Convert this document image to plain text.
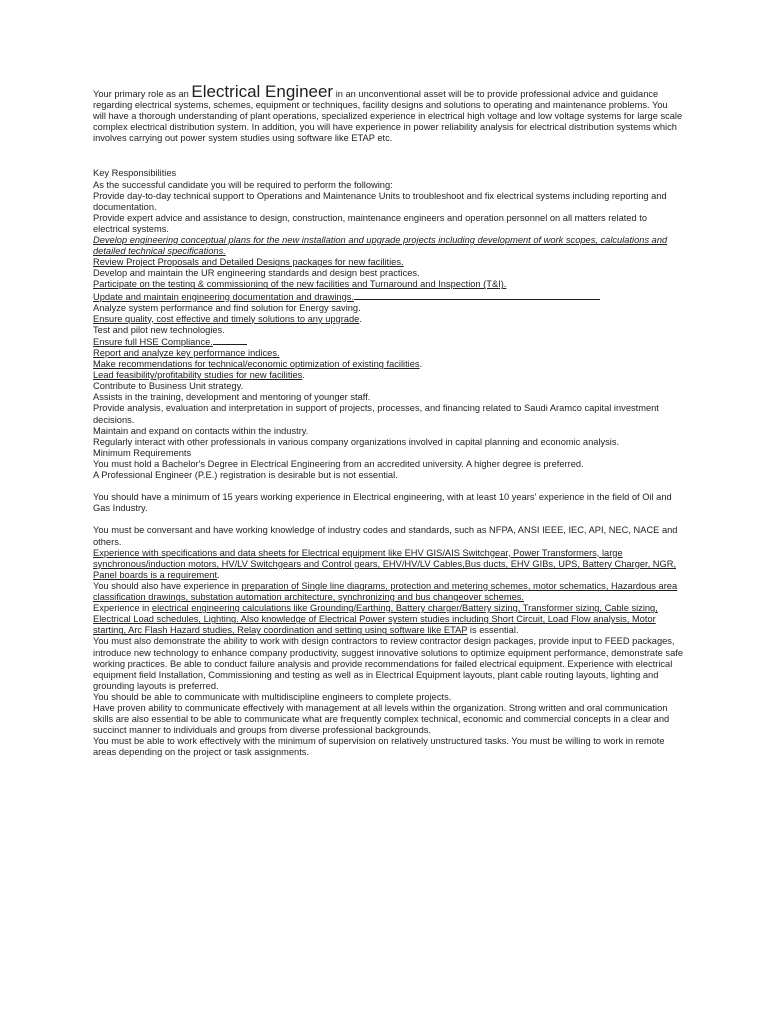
Your primary role as an Electrical Engineer in an unconventional asset will be to provide professional advice and guidance regarding electrical systems, schemes, equipment or techniques, facility designs and solutions to operating and maintenance problems. You will have a thorough understanding of plant operations, specialized experience in electrical high voltage and low voltage systems for large scale complex electrical distribution system. In addition, you will have experience in power reliability analysis for electrical distribution systems which involves carrying out power system studies using software like ETAP etc.

Key Responsibilities

As the successful candidate you will be required to perform the following:

Provide day-to-day technical support to Operations and Maintenance Units to troubleshoot and fix electrical systems including reporting and documentation.

Provide expert advice and assistance to design, construction, maintenance engineers and operation personnel on all matters related to electrical systems.

Develop engineering conceptual plans for the new installation and upgrade projects including development of work scopes, calculations and detailed technical specifications.

Review Project Proposals and Detailed Designs packages for new facilities.

Develop and maintain the UR engineering standards and design best practices.

Participate on the testing & commissioning of the new facilities and Turnaround and Inspection (T&I).

Update and maintain engineering documentation and drawings.

Analyze system performance and find solution for Energy saving.

Ensure quality, cost effective and timely solutions to any upgrade.

Test and pilot new technologies.

Ensure full HSE Compliance.

Report and analyze key performance indices.

Make recommendations for technical/economic optimization of existing facilities.

Lead feasibility/profitability studies for new facilities.

Contribute to Business Unit strategy.

Assists in the training, development and mentoring of younger staff.

Provide analysis, evaluation and interpretation in support of projects, processes, and financing related to Saudi Aramco capital investment decisions.

Maintain and expand on contacts within the industry.

Regularly interact with other professionals in various company organizations involved in capital planning and economic analysis.

Minimum Requirements

You must hold a Bachelor's Degree in Electrical Engineering from an accredited university. A higher degree is preferred.

A Professional Engineer (P.E.) registration is desirable but is not essential.

You should have a minimum of 15 years working experience in Electrical engineering, with at least 10 years' experience in the field of Oil and Gas Industry.

You must be conversant and have working knowledge of industry codes and standards, such as NFPA, ANSI IEEE, IEC, API, NEC, NACE and others.

Experience with specifications and data sheets for Electrical equipment like EHV GIS/AIS Switchgear, Power Transformers, large synchronous/induction motors, HV/LV Switchgears and Control gears, EHV/HV/LV Cables,Bus ducts, EHV GIBs, UPS, Battery Charger, NGR, Panel boards is a requirement.

You should also have experience in preparation of Single line diagrams, protection and metering schemes, motor schematics, Hazardous area classification drawings, substation automation architecture, synchronizing and bus changeover schemes.

Experience in electrical engineering calculations like Grounding/Earthing, Battery charger/Battery sizing, Transformer sizing, Cable sizing, Electrical Load schedules, Lighting. Also knowledge of Electrical Power system studies including Short Circuit, Load Flow analysis, Motor starting, Arc Flash Hazard studies, Relay coordination and setting using software like ETAP is essential.

You must also demonstrate the ability to work with design contractors to review contractor design packages, provide input to FEED packages, introduce new technology to enhance company productivity, suggest innovative solutions to optimize equipment performance, demonstrate safe working practices. Be able to conduct failure analysis and provide recommendations for failed electrical equipment. Experience with electrical equipment field Installation, Commissioning and testing as well as in Electrical Equipment layouts, plant cable routing layouts, lighting and grounding layouts is preferred.

You should be able to communicate with multidiscipline engineers to complete projects.

Have proven ability to communicate effectively with management at all levels within the organization. Strong written and oral communication skills are also essential to be able to communicate what are frequently complex technical, economic and commercial concepts in a clear and succinct manner to individuals and groups from diverse professional backgrounds.

You must be able to work effectively with the minimum of supervision on relatively unstructured tasks. You must be willing to work in remote areas depending on the project or task assignments.
